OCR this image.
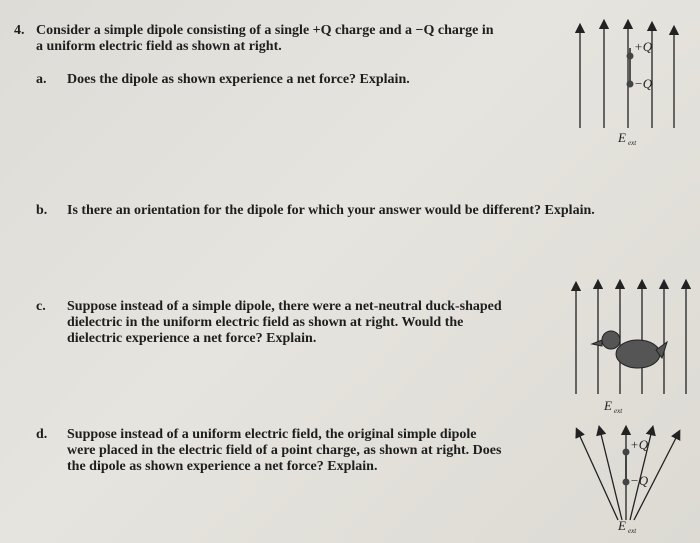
4. Consider a simple dipole consisting of a single +Q charge and a −Q charge in
a uniform electric field as shown at right.
a. Does the dipole as shown experience a net force? Explain.
b. Is there an orientation for the dipole for which your answer would be different? Explain.
c. Suppose instead of a simple dipole, there were a net-neutral duck-shaped
dielectric in the uniform electric field as shown at right. Would the
dielectric experience a net force? Explain.
d. Suppose instead of a uniform electric field, the original simple dipole
were placed in the electric field of a point charge, as shown at right. Does
the dipole as shown experience a net force? Explain.
+Q
−Q
E ext
E ext
+Q
−Q
E ext
